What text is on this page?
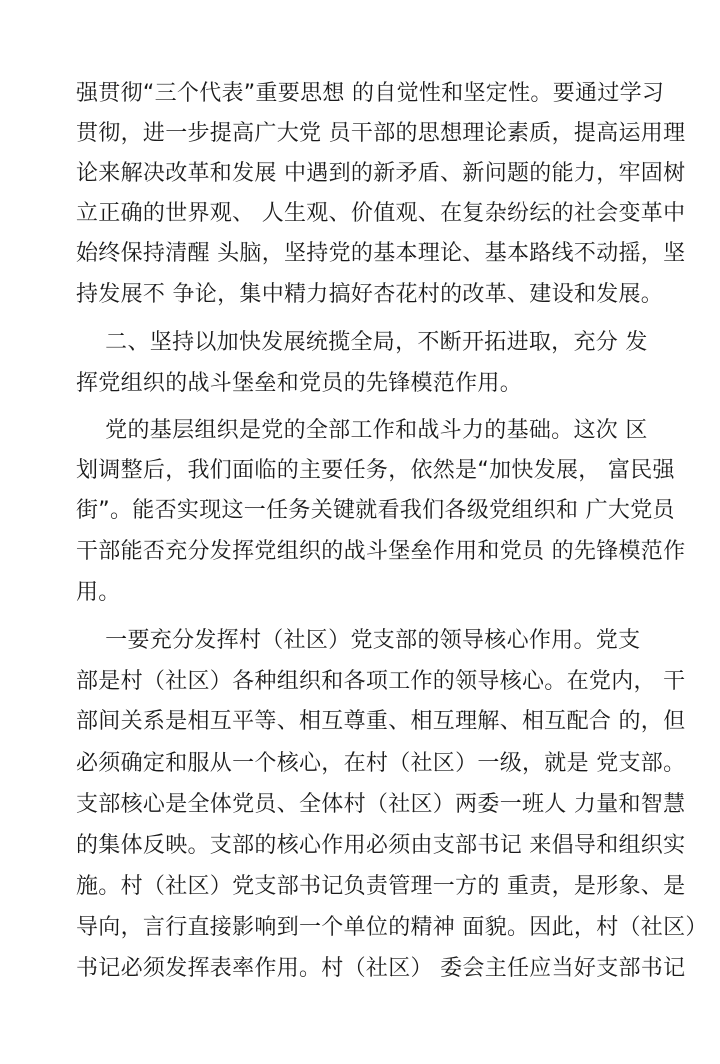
强贯彻“三个代表”重要思想 的自觉性和坚定性。要通过学习
贯彻，进一步提高广大党 员干部的思想理论素质，提高运用理
论来解决改革和发展 中遇到的新矛盾、新问题的能力，牢固树
立正确的世界观、 人生观、价值观、在复杂纷纭的社会变革中
始终保持清醒 头脑，坚持党的基本理论、基本路线不动摇，坚
持发展不 争论，集中精力搞好杏花村的改革、建设和发展。
二、坚持以加快发展统揽全局，不断开拓进取，充分 发
挥党组织的战斗堡垒和党员的先锋模范作用。
党的基层组织是党的全部工作和战斗力的基础。这次 区
划调整后，我们面临的主要任务，依然是“加快发展， 富民强
街”。能否实现这一任务关键就看我们各级党组织和 广大党员
干部能否充分发挥党组织的战斗堡垒作用和党员 的先锋模范作
用。
一要充分发挥村（社区）党支部的领导核心作用。党支
部是村（社区）各种组织和各项工作的领导核心。在党内， 干
部间关系是相互平等、相互尊重、相互理解、相互配合 的，但
必须确定和服从一个核心，在村（社区）一级，就是 党支部。
支部核心是全体党员、全体村（社区）两委一班人 力量和智慧
的集体反映。支部的核心作用必须由支部书记 来倡导和组织实
施。村（社区）党支部书记负责管理一方的 重责，是形象、是
导向，言行直接影响到一个单位的精神 面貌。因此，村（社区）
书记必须发挥表率作用。村（社区） 委会主任应当好支部书记
